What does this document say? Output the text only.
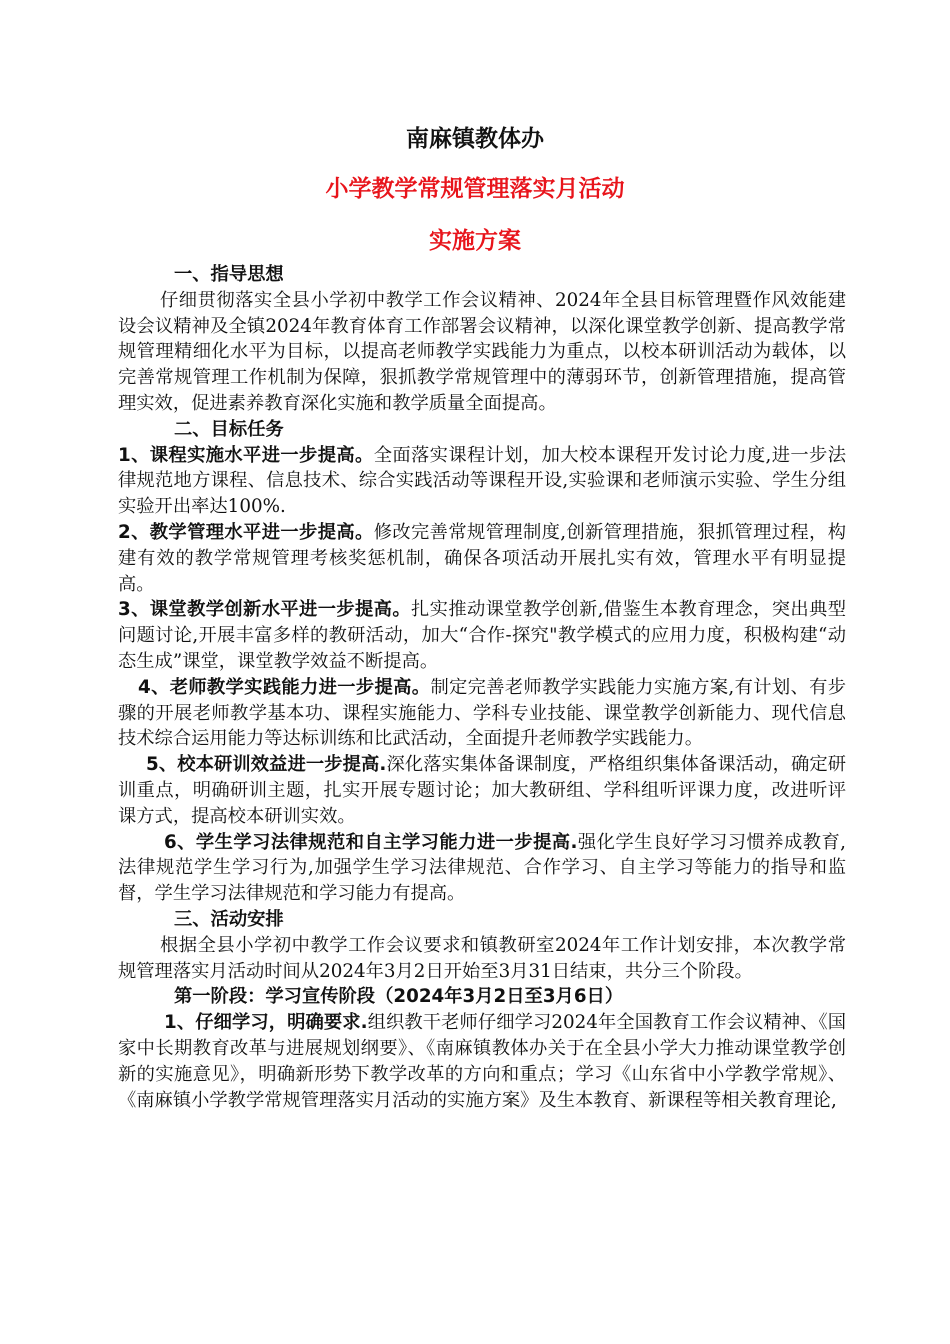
南麻镇教体办
小学教学常规管理落实月活动
实施方案

一、指导思想

仔细贯彻落实全县小学初中教学工作会议精神、2024年全县目标管理暨作风效能建设会议精神及全镇2024年教育体育工作部署会议精神，以深化课堂教学创新、提高教学常规管理精细化水平为目标，以提高老师教学实践能力为重点，以校本研训活动为载体，以完善常规管理工作机制为保障，狠抓教学常规管理中的薄弱环节，创新管理措施，提高管理实效，促进素养教育深化实施和教学质量全面提高。

二、目标任务

1、课程实施水平进一步提高。全面落实课程计划，加大校本课程开发讨论力度,进一步法律规范地方课程、信息技术、综合实践活动等课程开设,实验课和老师演示实验、学生分组实验开出率达100%.

2、教学管理水平进一步提高。修改完善常规管理制度,创新管理措施，狠抓管理过程，构建有效的教学常规管理考核奖惩机制，确保各项活动开展扎实有效，管理水平有明显提高。

3、课堂教学创新水平进一步提高。扎实推动课堂教学创新,借鉴生本教育理念，突出典型问题讨论,开展丰富多样的教研活动，加大“合作-探究"教学模式的应用力度，积极构建“动态生成”课堂，课堂教学效益不断提高。

4、老师教学实践能力进一步提高。制定完善老师教学实践能力实施方案,有计划、有步骤的开展老师教学基本功、课程实施能力、学科专业技能、课堂教学创新能力、现代信息技术综合运用能力等达标训练和比武活动，全面提升老师教学实践能力。

5、校本研训效益进一步提高.深化落实集体备课制度，严格组织集体备课活动，确定研训重点，明确研训主题，扎实开展专题讨论；加大教研组、学科组听评课力度，改进听评课方式，提高校本研训实效。

6、学生学习法律规范和自主学习能力进一步提高.强化学生良好学习习惯养成教育,法律规范学生学习行为,加强学生学习法律规范、合作学习、自主学习等能力的指导和监督，学生学习法律规范和学习能力有提高。

三、活动安排

根据全县小学初中教学工作会议要求和镇教研室2024年工作计划安排，本次教学常规管理落实月活动时间从2024年3月2日开始至3月31日结束，共分三个阶段。

第一阶段：学习宣传阶段（2024年3月2日至3月6日）

1、仔细学习，明确要求.组织教干老师仔细学习2024年全国教育工作会议精神、《国家中长期教育改革与进展规划纲要》、《南麻镇教体办关于在全县小学大力推动课堂教学创新的实施意见》，明确新形势下教学改革的方向和重点；学习《山东省中小学教学常规》、《南麻镇小学教学常规管理落实月活动的实施方案》及生本教育、新课程等相关教育理论,
